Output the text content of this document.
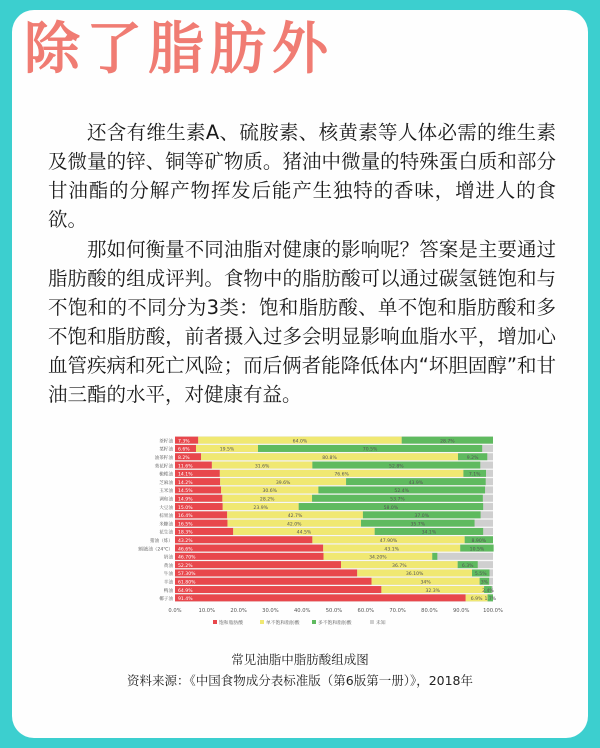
除了脂肪外

还含有维生素A、硫胺素、核黄素等人体必需的维生素及微量的锌、铜等矿物质。猪油中微量的特殊蛋白质和部分甘油酯的分解产物挥发后能产生独特的香味，增进人的食欲。

那如何衡量不同油脂对健康的影响呢？答案是主要通过脂肪酸的组成评判。食物中的脂肪酸可以通过碳氢链饱和与不饱和的不同分为3类：饱和脂肪酸、单不饱和脂肪酸和多不饱和脂肪酸，前者摄入过多会明显影响血脂水平，增加心血管疾病和死亡风险；而后俩者能降低体内“坏胆固醇”和甘油三酯的水平，对健康有益。

7.3%	64.0%	28.7%
茶籽油
6.6%	19.5%	70.5%
菜籽油
8.2%	80.8%	9.2%
油茶籽油
11.6%	31.6%	52.8%
葵花籽油
14.1%	76.6%	7.1%
橄榄油
14.2%	39.6%	43.9%
芝麻油
14.5%	30.6%	52.4%
玉米油
14.9%	28.2%	53.7%
调和油
15.0%	23.9%	58.0%
大豆油
16.4%	42.7%	37.0%
棕果油
16.5%	42.0%	35.7%
米糠油
18.3%	44.5%	34.1%
花生油
43.2%	47.90%	8.90%
猪油（炼）
46.6%	43.1%	10.5%
棕榈液油（24℃）
46.70%	34.20%
奶油
52.2%	36.7%	6.3%
黄油
57.30%	36.10%	5.5%
牛油
61.80%	34%	3%
羊油
64.9%	32.3%	2.4%
鸭油
91.4%	6.9% 1.7%
椰子油
0.0%	10.0%	20.0%	30.0%	40.0%	50.0%	60.0%	70.0%	80.0%	90.0%	100.0%
饱和脂肪酸	单不饱和脂肪酸	多不饱和脂肪酸	未知
常见油脂中脂肪酸组成图
资料来源：《中国食物成分表标准版（第6版第一册）》，2018年
